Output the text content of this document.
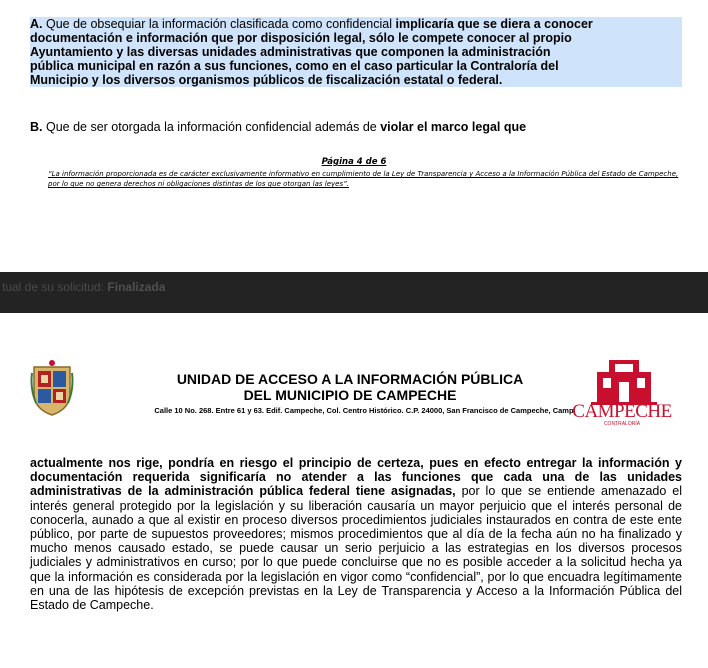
A. Que de obsequiar la información clasificada como confidencial implicaría que se diera a conocer
documentación e información que por disposición legal, sólo le compete conocer al propio
Ayuntamiento y las diversas unidades administrativas que componen la administración
pública municipal en razón a sus funciones, como en el caso particular la Contraloría del
Municipio y los diversos organismos públicos de fiscalización estatal o federal.

B. Que de ser otorgada la información confidencial además de violar el marco legal que

Página 4 de 6
“La información proporcionada es de carácter exclusivamente informativo en cumplimiento de la Ley de Transparencia y Acceso a la Información Pública del Estado de Campeche, por lo que no genera derechos ni obligaciones distintas de los que otorgan las leyes”.
tual de su solicitud: Finalizada
UNIDAD DE ACCESO A LA INFORMACIÓN PÚBLICA
DEL MUNICIPIO DE CAMPECHE
Calle 10 No. 268. Entre 61 y 63. Edif. Campeche, Col. Centro Histórico. C.P. 24000, San Francisco de Campeche, Camp.
CAMPECHE
CONTRALORÍA

actualmente nos rige, pondría en riesgo el principio de certeza, pues en efecto entregar la información y documentación requerida significaría no atender a las funciones que cada una de las unidades administrativas de la administración pública federal tiene asignadas, por lo que se entiende amenazado el interés general protegido por la legislación y su liberación causaría un mayor perjuicio que el interés personal de conocerla, aunado a que al existir en proceso diversos procedimientos judiciales instaurados en contra de este ente público, por parte de supuestos proveedores; mismos procedimientos que al día de la fecha aún no ha finalizado y mucho menos causado estado, se puede causar un serio perjuicio a las estrategias en los diversos procesos judiciales y administrativos en curso; por lo que puede concluirse que no es posible acceder a la solicitud hecha ya que la información es considerada por la legislación en vigor como “confidencial”, por lo que encuadra legítimamente en una de las hipótesis de excepción previstas en la Ley de Transparencia y Acceso a la Información Pública del Estado de Campeche.
